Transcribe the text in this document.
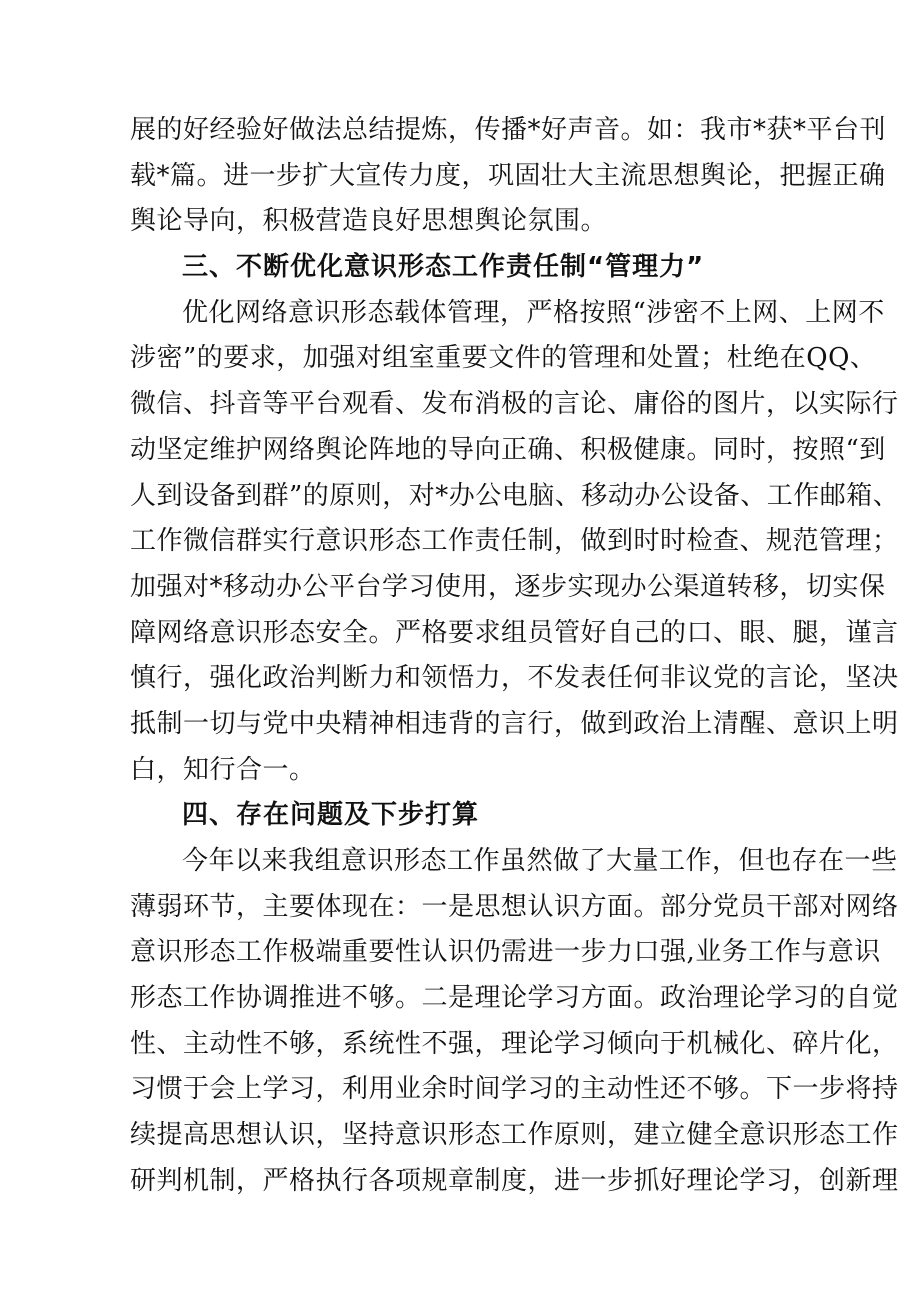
展的好经验好做法总结提炼，传播*好声音。如：我市*获*平台刊
载*篇。进一步扩大宣传力度，巩固壮大主流思想舆论，把握正确
舆论导向，积极营造良好思想舆论氛围。
三、不断优化意识形态工作责任制“管理力”
优化网络意识形态载体管理，严格按照“涉密不上网、上网不
涉密”的要求，加强对组室重要文件的管理和处置；杜绝在QQ、
微信、抖音等平台观看、发布消极的言论、庸俗的图片，以实际行
动坚定维护网络舆论阵地的导向正确、积极健康。同时，按照“到
人到设备到群”的原则，对*办公电脑、移动办公设备、工作邮箱、
工作微信群实行意识形态工作责任制，做到时时检查、规范管理；
加强对*移动办公平台学习使用，逐步实现办公渠道转移，切实保
障网络意识形态安全。严格要求组员管好自己的口、眼、腿，谨言
慎行，强化政治判断力和领悟力，不发表任何非议党的言论，坚决
抵制一切与党中央精神相违背的言行，做到政治上清醒、意识上明
白，知行合一。
四、存在问题及下步打算
今年以来我组意识形态工作虽然做了大量工作，但也存在一些
薄弱环节，主要体现在：一是思想认识方面。部分党员干部对网络
意识形态工作极端重要性认识仍需进一步力口强,业务工作与意识
形态工作协调推进不够。二是理论学习方面。政治理论学习的自觉
性、主动性不够，系统性不强，理论学习倾向于机械化、碎片化，
习惯于会上学习，利用业余时间学习的主动性还不够。下一步将持
续提高思想认识，坚持意识形态工作原则，建立健全意识形态工作
研判机制，严格执行各项规章制度，进一步抓好理论学习，创新理
